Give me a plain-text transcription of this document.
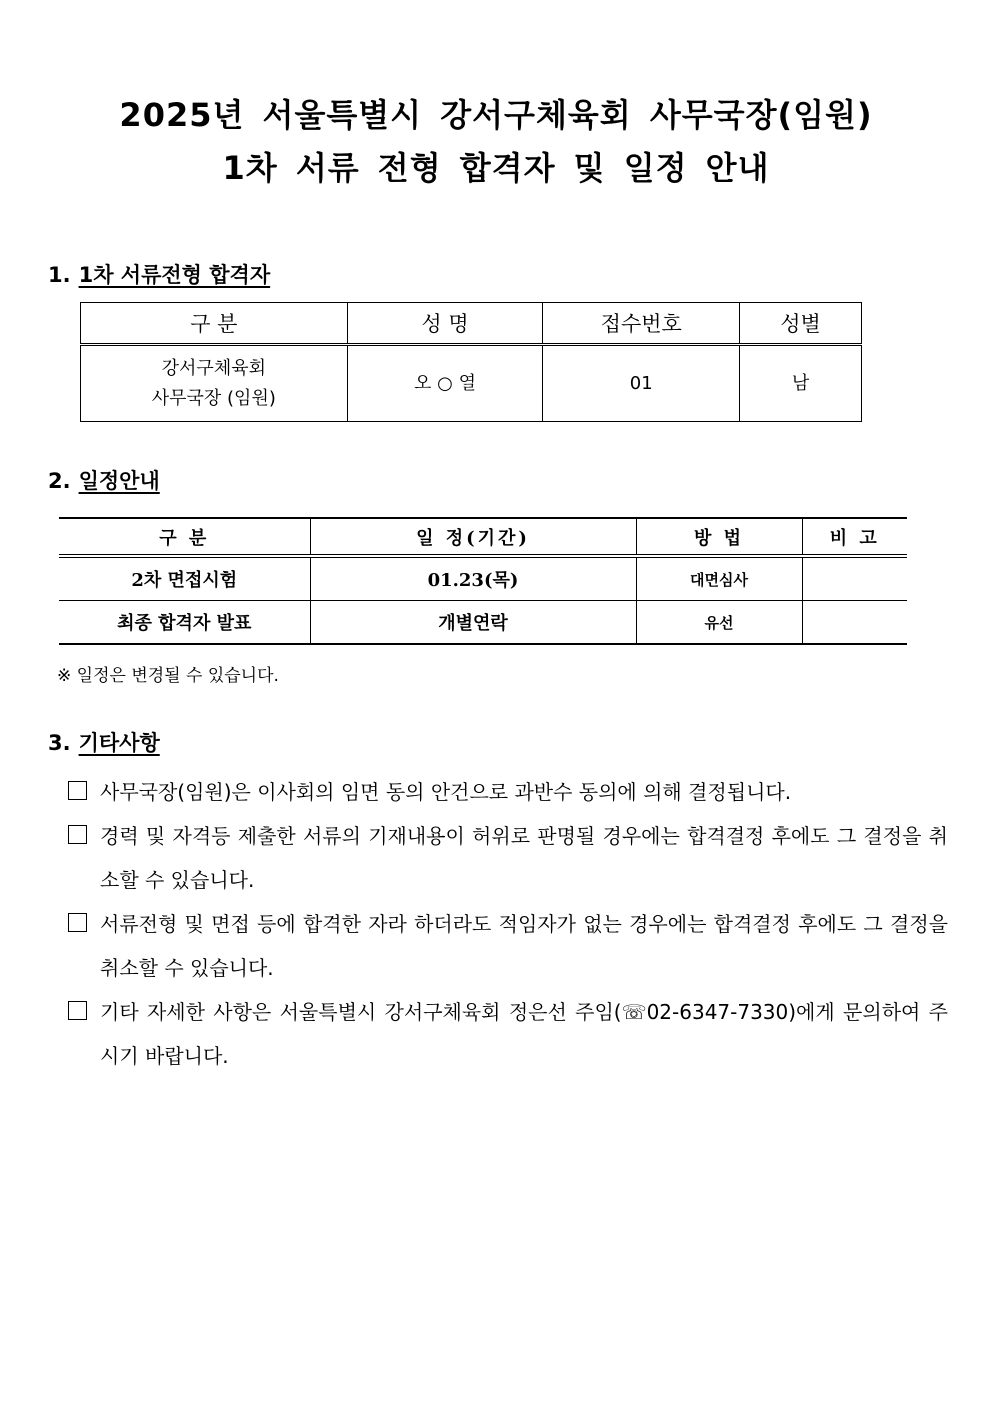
2025년 서울특별시 강서구체육회 사무국장(임원)
1차 서류 전형 합격자 및 일정 안내
1. 1차 서류전형 합격자
구 분	성 명	접수번호	성별

강서구체육회
사무국장 (임원)	오 ○ 열	01	남
2. 일정안내
구 분	일 정(기간)	방 법	비 고
2차 면접시험	01.23(목)	대면심사	
최종 합격자 발표	개별연락	유선	
※ 일정은 변경될 수 있습니다.
3. 기타사항
사무국장(임원)은 이사회의 임면 동의 안건으로 과반수 동의에 의해 결정됩니다.
경력 및 자격등 제출한 서류의 기재내용이 허위로 판명될 경우에는 합격결정 후에도 그 결정을 취소할 수 있습니다.
서류전형 및 면접 등에 합격한 자라 하더라도 적임자가 없는 경우에는 합격결정 후에도 그 결정을 취소할 수 있습니다.
기타 자세한 사항은 서울특별시 강서구체육회 정은선 주임(☏02-6347-7330)에게 문의하여 주시기 바랍니다.
